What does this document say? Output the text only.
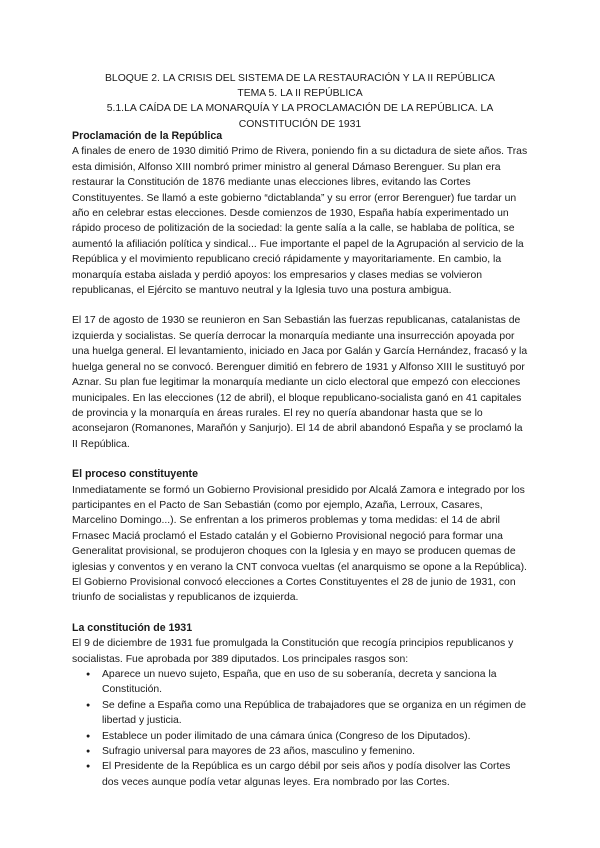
BLOQUE 2. LA CRISIS DEL SISTEMA DE LA RESTAURACIÓN Y LA II REPÚBLICA
TEMA 5. LA II REPÚBLICA
5.1.LA CAÍDA DE LA MONARQUÍA Y LA PROCLAMACIÓN DE LA REPÚBLICA. LA
CONSTITUCIÓN DE 1931
Proclamación de la República

A finales de enero de 1930 dimitió Primo de Rivera, poniendo fin a su dictadura de siete años. Tras esta dimisión, Alfonso XIII nombró primer ministro al general Dámaso Berenguer. Su plan era restaurar la Constitución de 1876 mediante unas elecciones libres, evitando las Cortes Constituyentes. Se llamó a este gobierno “dictablanda” y su error (error Berenguer) fue tardar un año en celebrar estas elecciones. Desde comienzos de 1930, España había experimentado un rápido proceso de politización de la sociedad: la gente salía a la calle, se hablaba de política, se aumentó la afiliación política y sindical... Fue importante el papel de la Agrupación al servicio de la República y el movimiento republicano creció rápidamente y mayoritariamente. En cambio, la monarquía estaba aislada y perdió apoyos: los empresarios y clases medias se volvieron republicanas, el Ejército se mantuvo neutral y la Iglesia tuvo una postura ambigua.

El 17 de agosto de 1930 se reunieron en San Sebastián las fuerzas republicanas, catalanistas de izquierda y socialistas. Se quería derrocar la monarquía mediante una insurrección apoyada por una huelga general. El levantamiento, iniciado en Jaca por Galán y García Hernández, fracasó y la huelga general no se convocó. Berenguer dimitió en febrero de 1931 y Alfonso XIII le sustituyó por Aznar. Su plan fue legitimar la monarquía mediante un ciclo electoral que empezó con elecciones municipales. En las elecciones (12 de abril), el bloque republicano-socialista ganó en 41 capitales de provincia y la monarquía en áreas rurales. El rey no quería abandonar hasta que se lo aconsejaron (Romanones, Marañón y Sanjurjo). El 14 de abril abandonó España y se proclamó la II República.

El proceso constituyente

Inmediatamente se formó un Gobierno Provisional presidido por Alcalá Zamora e integrado por los participantes en el Pacto de San Sebastián (como por ejemplo, Azaña, Lerroux, Casares, Marcelino Domingo...). Se enfrentan a los primeros problemas y toma medidas: el 14 de abril Frnasec Maciá proclamó el Estado catalán y el Gobierno Provisional negoció para formar una Generalitat provisional, se produjeron choques con la Iglesia y en mayo se producen quemas de iglesias y conventos y en verano la CNT convoca vueltas (el anarquismo se opone a la República). El Gobierno Provisional convocó elecciones a Cortes Constituyentes el 28 de junio de 1931, con triunfo de socialistas y republicanos de izquierda.

La constitución de 1931

El 9 de diciembre de 1931 fue promulgada la Constitución que recogía principios republicanos y socialistas. Fue aprobada por 389 diputados. Los principales rasgos son:

● Aparece un nuevo sujeto, España, que en uso de su soberanía, decreta y sanciona la Constitución.
● Se define a España como una República de trabajadores que se organiza en un régimen de libertad y justicia.
● Establece un poder ilimitado de una cámara única (Congreso de los Diputados).
● Sufragio universal para mayores de 23 años, masculino y femenino.
● El Presidente de la República es un cargo débil por seis años y podía disolver las Cortes dos veces aunque podía vetar algunas leyes. Era nombrado por las Cortes.
